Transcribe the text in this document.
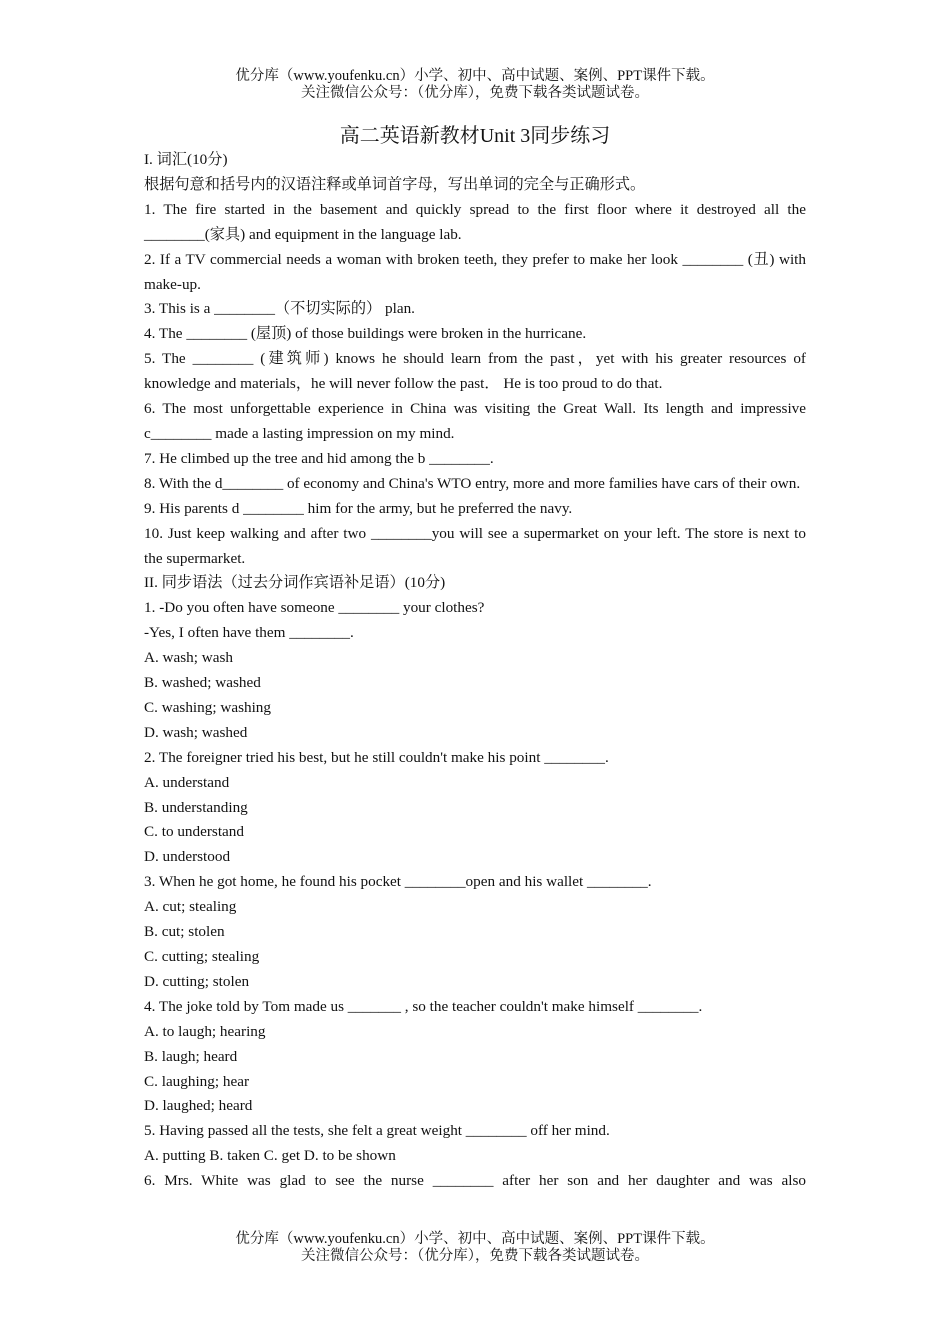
优分库（www.youfenku.cn）小学、初中、高中试题、案例、PPT课件下载。
关注微信公众号：（优分库），免费下载各类试题试卷。
高二英语新教材Unit 3同步练习

I. 词汇(10分)

根据句意和括号内的汉语注释或单词首字母，写出单词的完全与正确形式。

1. The fire started in the basement and quickly spread to the first floor where it destroyed all the ________(家具) and equipment in the language lab.

2. If a TV commercial needs a woman with broken teeth, they prefer to make her look ________ (丑) with make-up.

3. This is a ________（不切实际的） plan.

4. The ________ (屋顶) of those buildings were broken in the hurricane.

5. The ________ (建筑师) knows he should learn from the past，yet with his greater resources of knowledge and materials，he will never follow the past． He is too proud to do that.

6. The most unforgettable experience in China was visiting the Great Wall. Its length and impressive c________ made a lasting impression on my mind.

7. He climbed up the tree and hid among the b ________.

8. With the d________ of economy and China's WTO entry, more and more families have cars of their own.

9. His parents d ________ him for the army, but he preferred the navy.

10. Just keep walking and after two ________you will see a supermarket on your left. The store is next to the supermarket.

II. 同步语法（过去分词作宾语补足语）(10分)

1. -Do you often have someone ________ your clothes?

-Yes, I often have them ________.

A. wash; wash

B. washed; washed

C. washing; washing

D. wash; washed

2. The foreigner tried his best, but he still couldn't make his point ________.

A. understand

B. understanding

C. to understand

D. understood

3. When he got home, he found his pocket ________open and his wallet ________.

A. cut; stealing

B. cut; stolen

C. cutting; stealing

D. cutting; stolen

4. The joke told by Tom made us _______ , so the teacher couldn't make himself ________.

A. to laugh; hearing

B. laugh; heard

C. laughing; hear

D. laughed; heard

5. Having passed all the tests, she felt a great weight ________ off her mind.

A. putting B. taken C. get D. to be shown

6. Mrs. White was glad to see the nurse ________ after her son and her daughter and was also

优分库（www.youfenku.cn）小学、初中、高中试题、案例、PPT课件下载。
关注微信公众号：（优分库），免费下载各类试题试卷。
